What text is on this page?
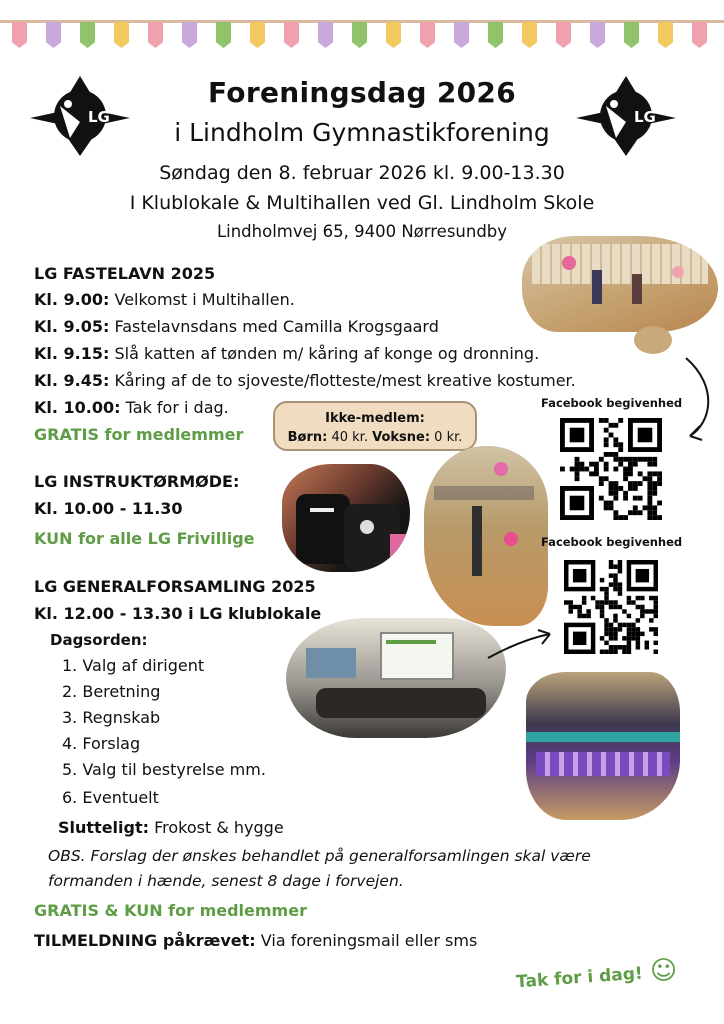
LG	LG
Foreningsdag 2026
i Lindholm Gymnastikforening
Søndag den 8. februar 2026 kl. 9.00-13.30
I Klublokale & Multihallen ved Gl. Lindholm Skole
Lindholmvej 65, 9400 Nørresundby
LG FASTELAVN 2025
Kl. 9.00: Velkomst i Multihallen.
Kl. 9.05: Fastelavnsdans med Camilla Krogsgaard
Kl. 9.15: Slå katten af tønden m/ kåring af konge og dronning.
Kl. 9.45: Kåring af de to sjoveste/flotteste/mest kreative kostumer.
Kl. 10.00: Tak for i dag.
GRATIS for medlemmer
Ikke-medlem:
Børn: 40 kr. Voksne: 0 kr.
LG INSTRUKTØRMØDE:
Kl. 10.00 - 11.30
KUN for alle LG Frivillige
LG GENERALFORSAMLING 2025
Kl. 12.00 - 13.30 i LG klublokale
Dagsorden:
1. Valg af dirigent
2. Beretning
3. Regnskab
4. Forslag
5. Valg til bestyrelse mm.
6. Eventuelt
Slutteligt: Frokost & hygge
OBS. Forslag der ønskes behandlet på generalforsamlingen skal være
formanden i hænde, senest 8 dage i forvejen.
GRATIS & KUN for medlemmer
TILMELDNING påkrævet: Via foreningsmail eller sms
Facebook begivenhed
Facebook begivenhed
Tak for i dag! ☺
